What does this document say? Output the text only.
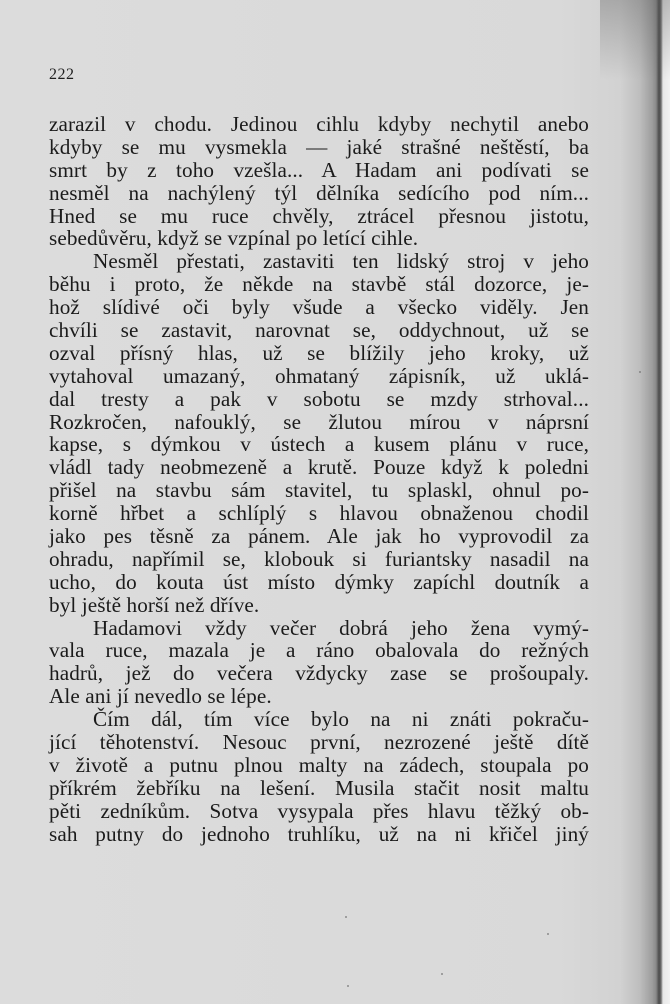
222
zarazil v chodu. Jedinou cihlu kdyby nechytil anebo
kdyby se mu vysmekla — jaké strašné neštěstí, ba
smrt by z toho vzešla... A Hadam ani podívati se
nesměl na nachýlený týl dělníka sedícího pod ním...
Hned se mu ruce chvěly, ztrácel přesnou jistotu,
sebedůvěru, když se vzpínal po letící cihle.
Nesměl přestati, zastaviti ten lidský stroj v jeho
běhu i proto, že někde na stavbě stál dozorce, je-
hož slídivé oči byly všude a všecko viděly. Jen
chvíli se zastavit, narovnat se, oddychnout, už se
ozval přísný hlas, už se blížily jeho kroky, už
vytahoval umazaný, ohmataný zápisník, už uklá-
dal tresty a pak v sobotu se mzdy strhoval...
Rozkročen, nafouklý, se žlutou mírou v náprsní
kapse, s dýmkou v ústech a kusem plánu v ruce,
vládl tady neobmezeně a krutě. Pouze když k poledni
přišel na stavbu sám stavitel, tu splaskl, ohnul po-
korně hřbet a schlíplý s hlavou obnaženou chodil
jako pes těsně za pánem. Ale jak ho vyprovodil za
ohradu, napřímil se, klobouk si furiantsky nasadil na
ucho, do kouta úst místo dýmky zapíchl doutník a
byl ještě horší než dříve.
Hadamovi vždy večer dobrá jeho žena vymý-
vala ruce, mazala je a ráno obalovala do režných
hadrů, jež do večera vždycky zase se prošoupaly.
Ale ani jí nevedlo se lépe.
Čím dál, tím více bylo na ni znáti pokraču-
jící těhotenství. Nesouc první, nezrozené ještě dítě
v životě a putnu plnou malty na zádech, stoupala po
příkrém žebříku na lešení. Musila stačit nosit maltu
pěti zedníkům. Sotva vysypala přes hlavu těžký ob-
sah putny do jednoho truhlíku, už na ni křičel jiný
